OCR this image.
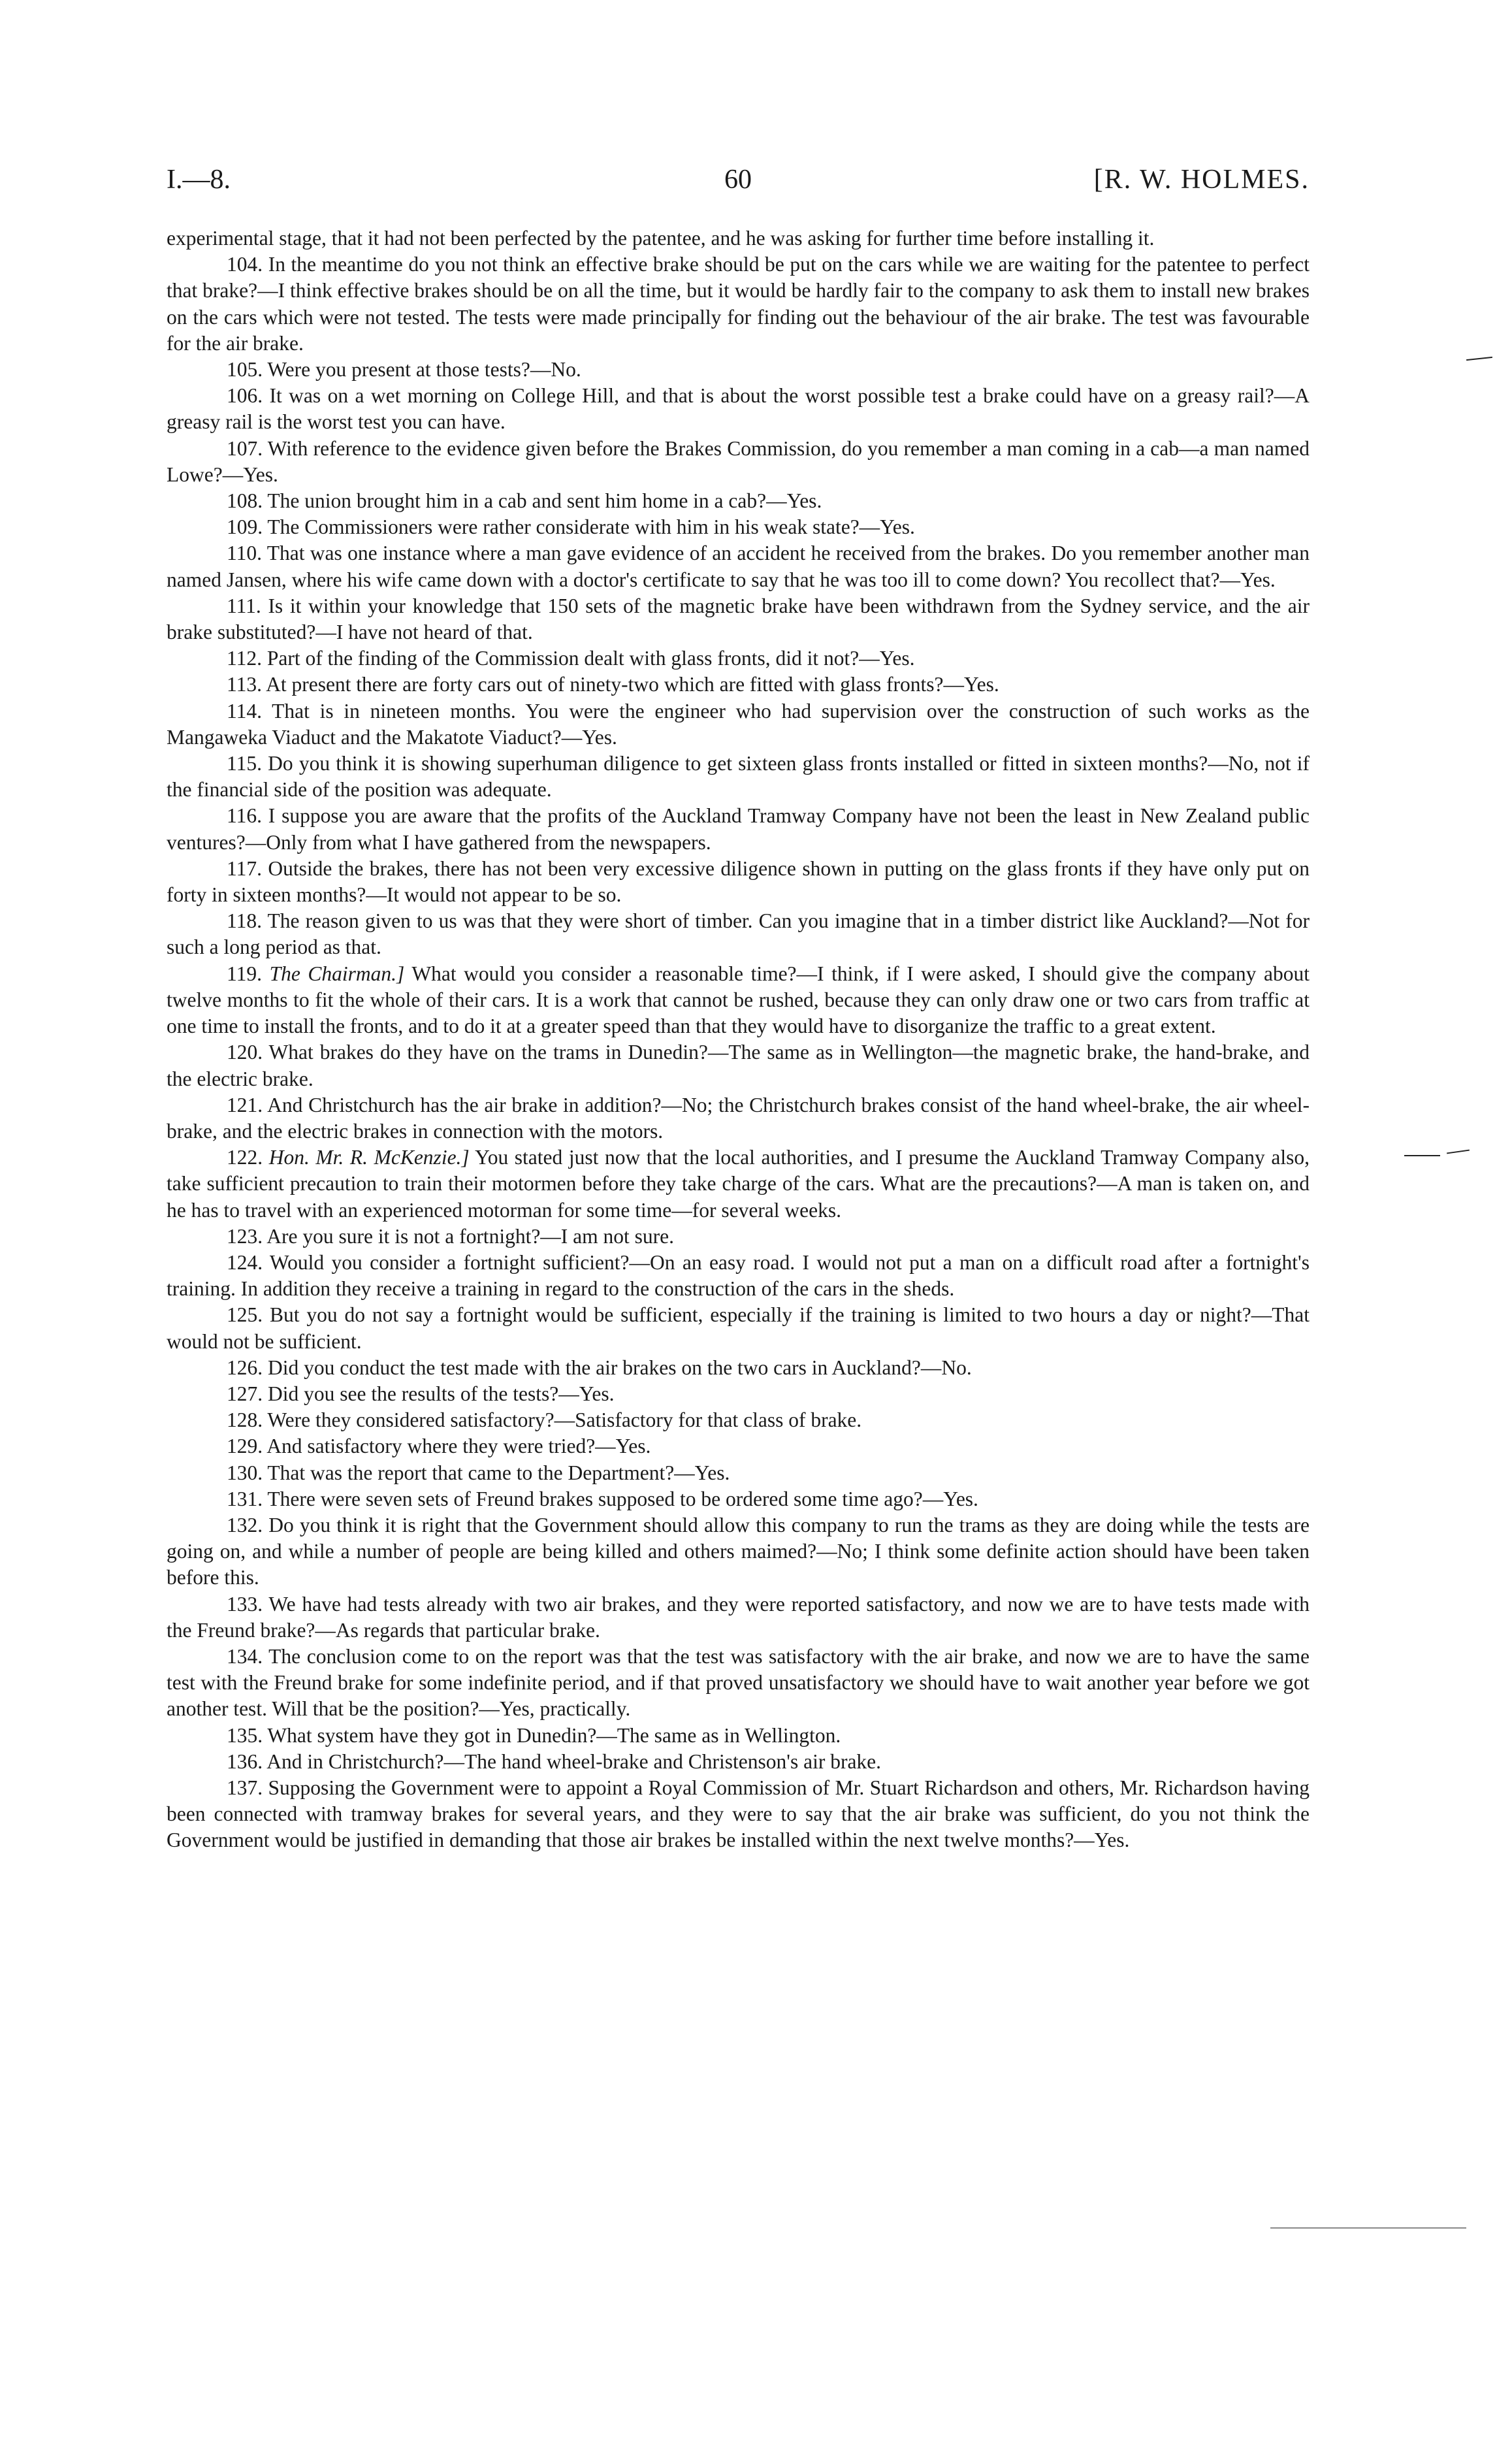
I.—8.	60	[R. W. HOLMES.

experimental stage, that it had not been perfected by the patentee, and he was asking for further time before installing it.

104. In the meantime do you not think an effective brake should be put on the cars while we are waiting for the patentee to perfect that brake?—I think effective brakes should be on all the time, but it would be hardly fair to the company to ask them to install new brakes on the cars which were not tested. The tests were made principally for finding out the behaviour of the air brake. The test was favourable for the air brake.

105. Were you present at those tests?—No.

106. It was on a wet morning on College Hill, and that is about the worst possible test a brake could have on a greasy rail?—A greasy rail is the worst test you can have.

107. With reference to the evidence given before the Brakes Commission, do you remember a man coming in a cab—a man named Lowe?—Yes.

108. The union brought him in a cab and sent him home in a cab?—Yes.

109. The Commissioners were rather considerate with him in his weak state?—Yes.

110. That was one instance where a man gave evidence of an accident he received from the brakes. Do you remember another man named Jansen, where his wife came down with a doctor's certificate to say that he was too ill to come down? You recollect that?—Yes.

111. Is it within your knowledge that 150 sets of the magnetic brake have been withdrawn from the Sydney service, and the air brake substituted?—I have not heard of that.

112. Part of the finding of the Commission dealt with glass fronts, did it not?—Yes.

113. At present there are forty cars out of ninety-two which are fitted with glass fronts?—Yes.

114. That is in nineteen months. You were the engineer who had supervision over the construction of such works as the Mangaweka Viaduct and the Makatote Viaduct?—Yes.

115. Do you think it is showing superhuman diligence to get sixteen glass fronts installed or fitted in sixteen months?—No, not if the financial side of the position was adequate.

116. I suppose you are aware that the profits of the Auckland Tramway Company have not been the least in New Zealand public ventures?—Only from what I have gathered from the newspapers.

117. Outside the brakes, there has not been very excessive diligence shown in putting on the glass fronts if they have only put on forty in sixteen months?—It would not appear to be so.

118. The reason given to us was that they were short of timber. Can you imagine that in a timber district like Auckland?—Not for such a long period as that.

119. The Chairman.] What would you consider a reasonable time?—I think, if I were asked, I should give the company about twelve months to fit the whole of their cars. It is a work that cannot be rushed, because they can only draw one or two cars from traffic at one time to install the fronts, and to do it at a greater speed than that they would have to disorganize the traffic to a great extent.

120. What brakes do they have on the trams in Dunedin?—The same as in Wellington—the magnetic brake, the hand-brake, and the electric brake.

121. And Christchurch has the air brake in addition?—No; the Christchurch brakes consist of the hand wheel-brake, the air wheel-brake, and the electric brakes in connection with the motors.

122. Hon. Mr. R. McKenzie.] You stated just now that the local authorities, and I presume the Auckland Tramway Company also, take sufficient precaution to train their motormen before they take charge of the cars. What are the precautions?—A man is taken on, and he has to travel with an experienced motorman for some time—for several weeks.

123. Are you sure it is not a fortnight?—I am not sure.

124. Would you consider a fortnight sufficient?—On an easy road. I would not put a man on a difficult road after a fortnight's training. In addition they receive a training in regard to the construction of the cars in the sheds.

125. But you do not say a fortnight would be sufficient, especially if the training is limited to two hours a day or night?—That would not be sufficient.

126. Did you conduct the test made with the air brakes on the two cars in Auckland?—No.

127. Did you see the results of the tests?—Yes.

128. Were they considered satisfactory?—Satisfactory for that class of brake.

129. And satisfactory where they were tried?—Yes.

130. That was the report that came to the Department?—Yes.

131. There were seven sets of Freund brakes supposed to be ordered some time ago?—Yes.

132. Do you think it is right that the Government should allow this company to run the trams as they are doing while the tests are going on, and while a number of people are being killed and others maimed?—No; I think some definite action should have been taken before this.

133. We have had tests already with two air brakes, and they were reported satisfactory, and now we are to have tests made with the Freund brake?—As regards that particular brake.

134. The conclusion come to on the report was that the test was satisfactory with the air brake, and now we are to have the same test with the Freund brake for some indefinite period, and if that proved unsatisfactory we should have to wait another year before we got another test. Will that be the position?—Yes, practically.

135. What system have they got in Dunedin?—The same as in Wellington.

136. And in Christchurch?—The hand wheel-brake and Christenson's air brake.

137. Supposing the Government were to appoint a Royal Commission of Mr. Stuart Richardson and others, Mr. Richardson having been connected with tramway brakes for several years, and they were to say that the air brake was sufficient, do you not think the Government would be justified in demanding that those air brakes be installed within the next twelve months?—Yes.
